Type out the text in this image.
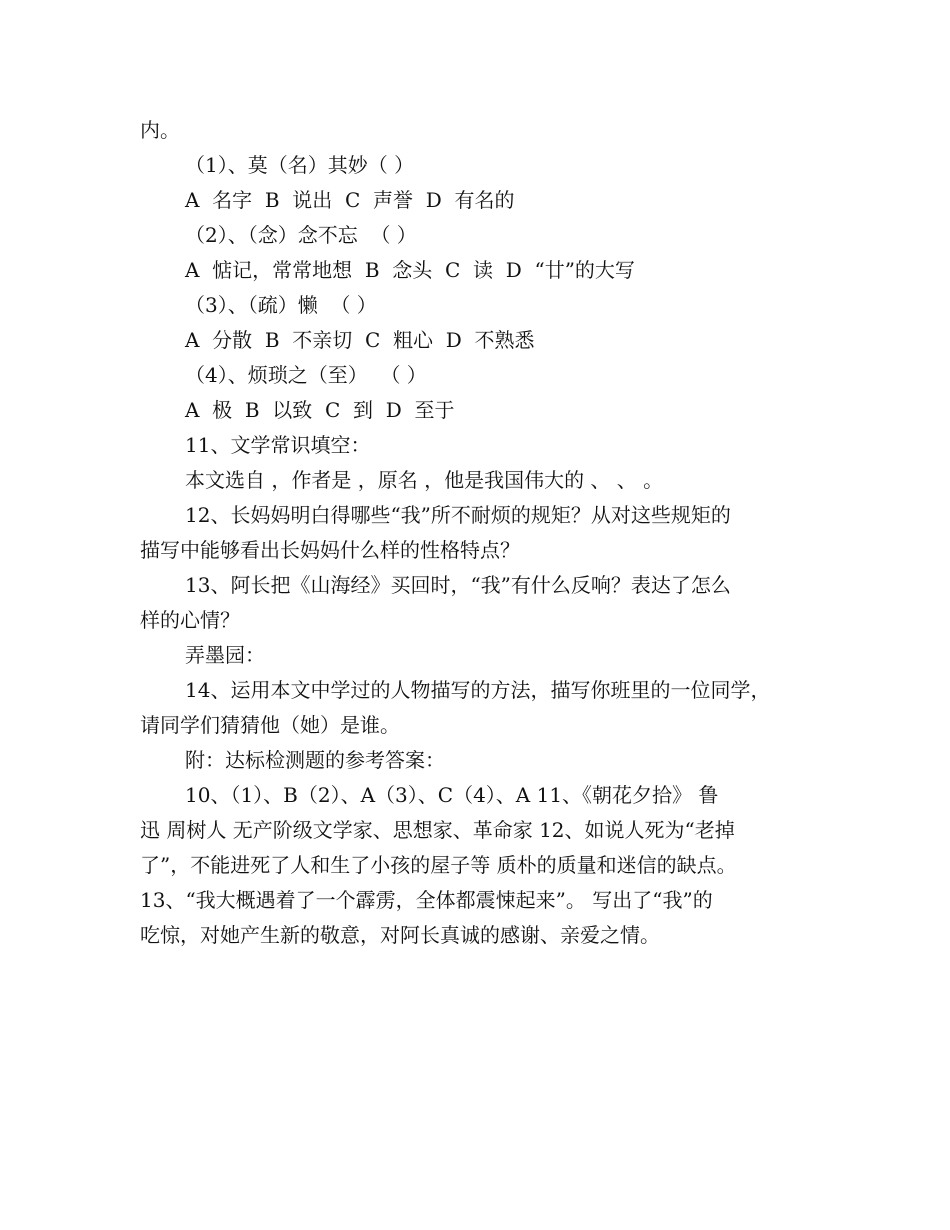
内。
（1）、莫（名）其妙（ ）
A  名字  B  说出  C  声誉  D  有名的
（2）、（念）念不忘  （ ）
A  惦记，常常地想  B  念头  C  读  D  “廿”的大写
（3）、（疏）懒  （ ）
A  分散  B  不亲切  C  粗心  D  不熟悉
（4）、烦琐之（至）  （ ）
A  极  B  以致  C  到  D  至于
11、文学常识填空：
本文选自 ，作者是 ，原名 ，他是我国伟大的 、 、 。
12、长妈妈明白得哪些“我”所不耐烦的规矩？从对这些规矩的
描写中能够看出长妈妈什么样的性格特点？
13、阿长把《山海经》买回时，“我”有什么反响？表达了怎么
样的心情？
弄墨园：
14、运用本文中学过的人物描写的方法，描写你班里的一位同学，
请同学们猜猜他（她）是谁。
附：达标检测题的参考答案：
10、（1）、B（2）、A（3）、C（4）、A 11、《朝花夕拾》 鲁
迅 周树人 无产阶级文学家、思想家、革命家 12、如说人死为“老掉
了”，不能进死了人和生了小孩的屋子等 质朴的质量和迷信的缺点。
13、“我大概遇着了一个霹雳，全体都震悚起来”。 写出了“我”的
吃惊，对她产生新的敬意，对阿长真诚的感谢、亲爱之情。
